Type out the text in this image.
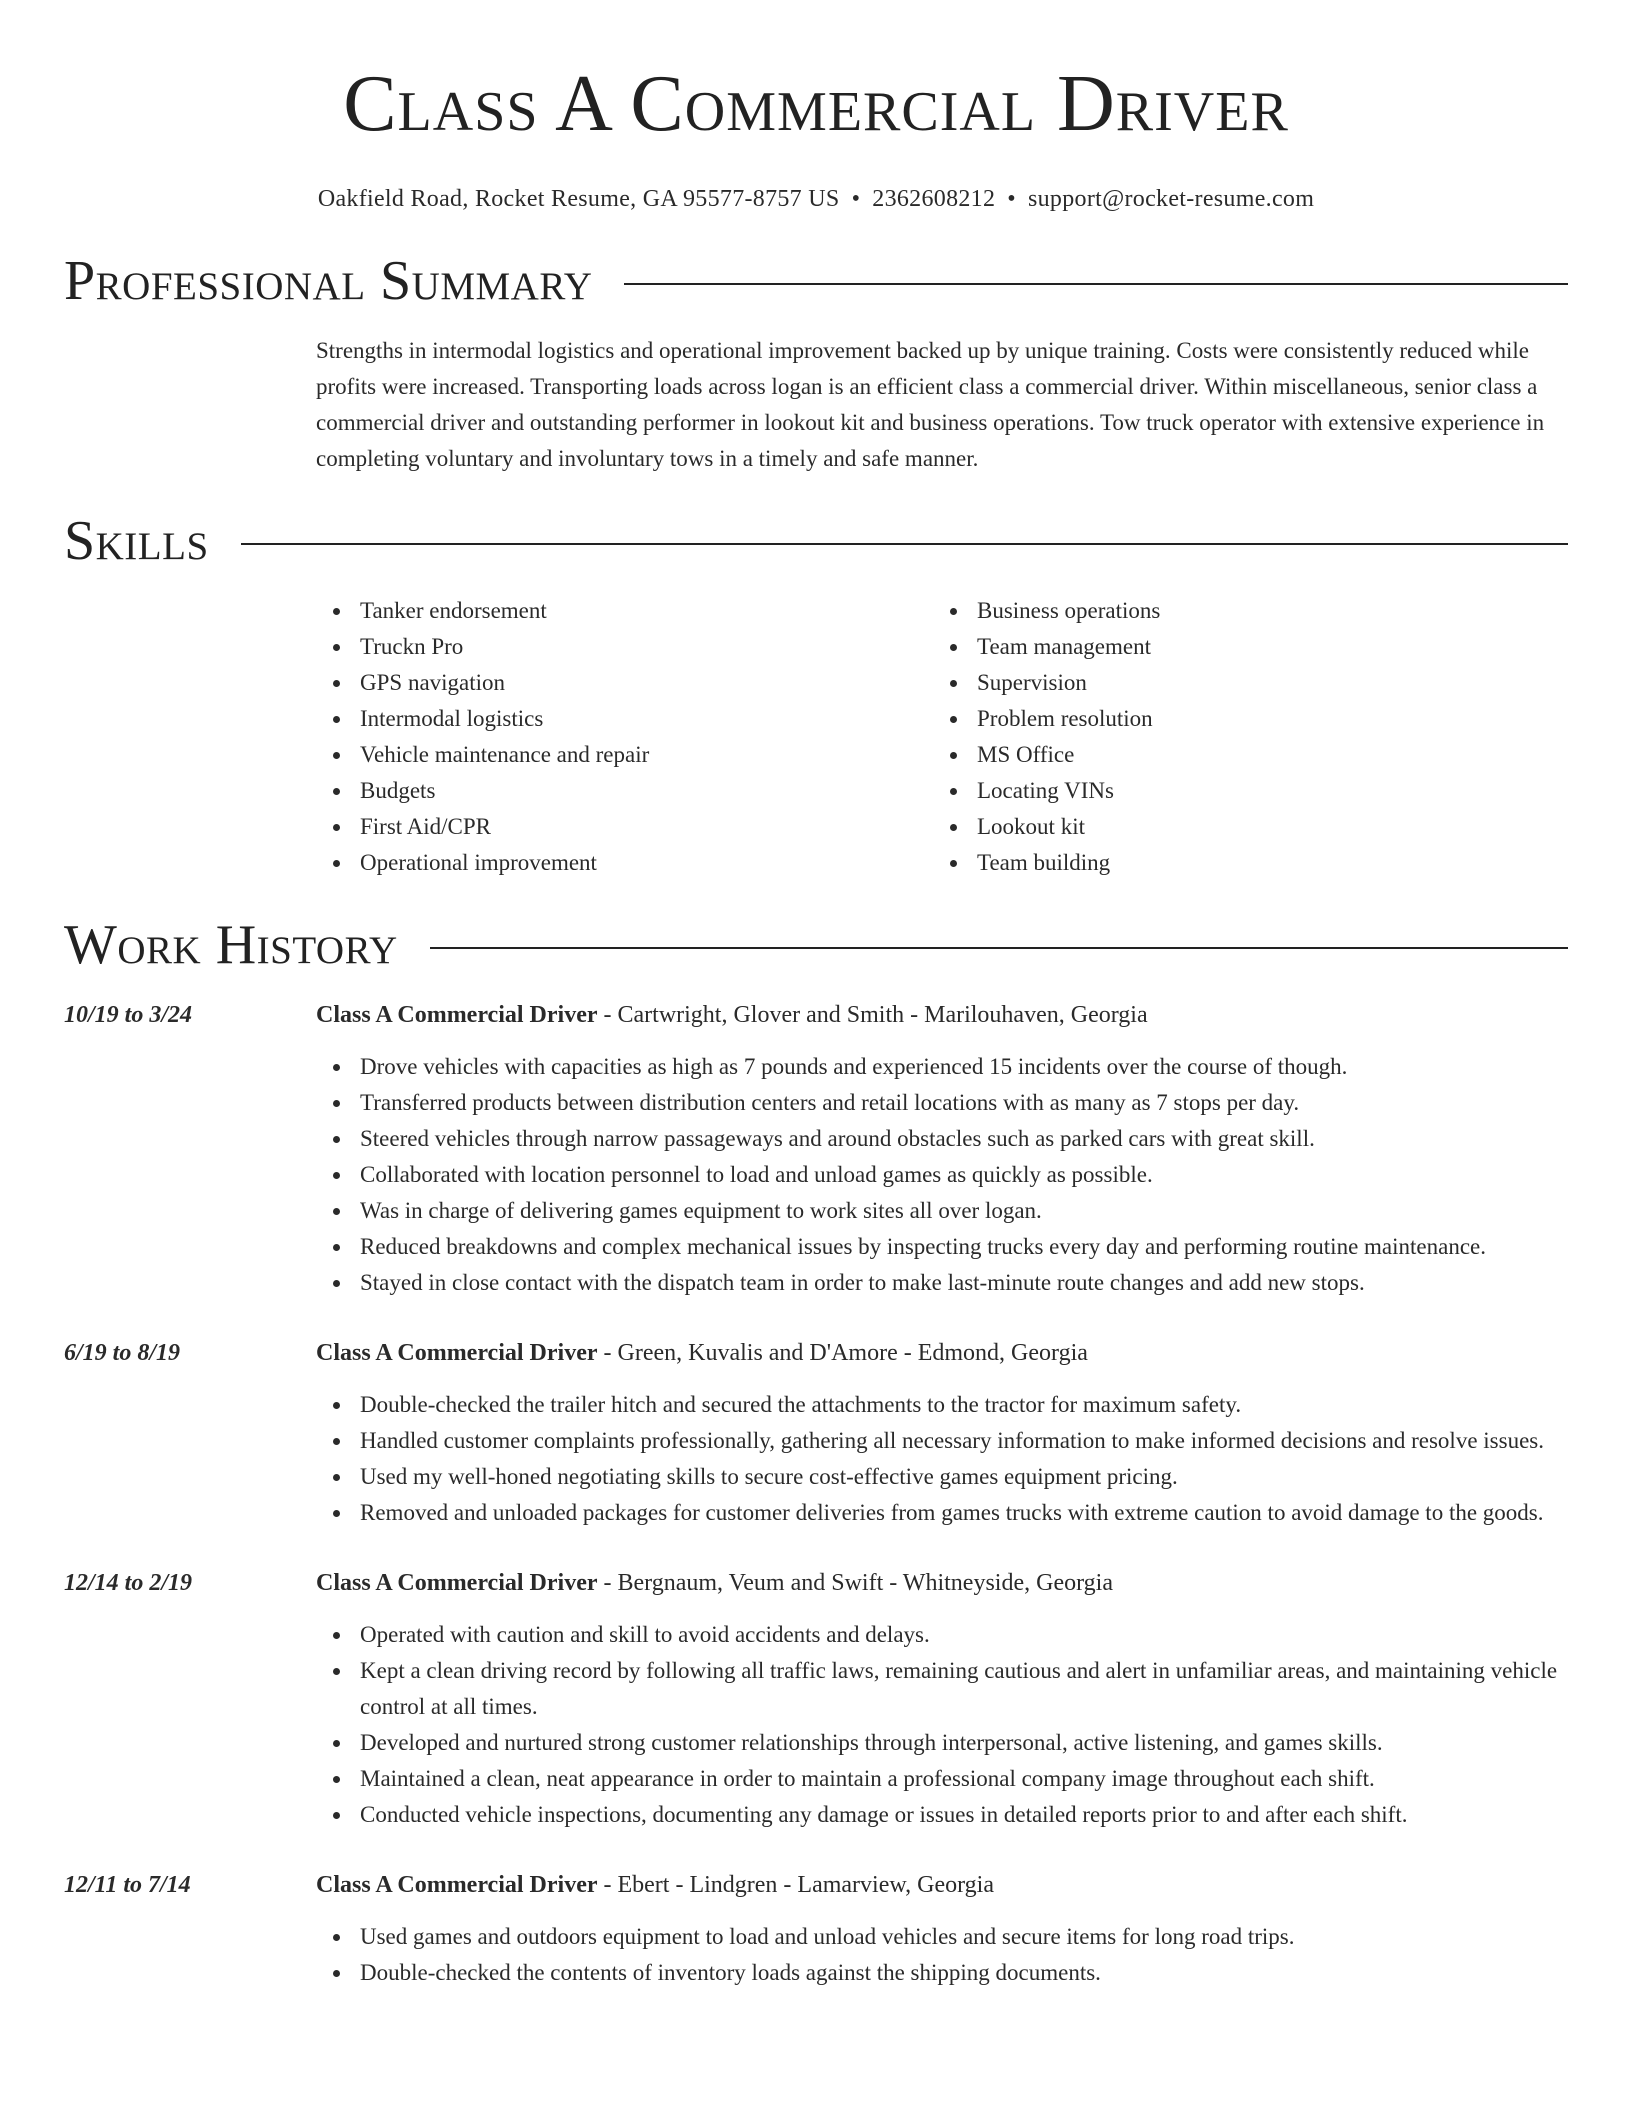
Class A Commercial Driver
Oakfield Road, Rocket Resume, GA 95577-8757 US • 2362608212 • support@rocket-resume.com
Professional Summary
Strengths in intermodal logistics and operational improvement backed up by unique training. Costs were consistently reduced while profits were increased. Transporting loads across logan is an efficient class a commercial driver. Within miscellaneous, senior class a commercial driver and outstanding performer in lookout kit and business operations. Tow truck operator with extensive experience in completing voluntary and involuntary tows in a timely and safe manner.
Skills
Tanker endorsement
Truckn Pro
GPS navigation
Intermodal logistics
Vehicle maintenance and repair
Budgets
First Aid/CPR
Operational improvement
Business operations
Team management
Supervision
Problem resolution
MS Office
Locating VINs
Lookout kit
Team building
Work History
10/19 to 3/24	Class A Commercial Driver - Cartwright, Glover and Smith - Marilouhaven, Georgia
Drove vehicles with capacities as high as 7 pounds and experienced 15 incidents over the course of though.
Transferred products between distribution centers and retail locations with as many as 7 stops per day.
Steered vehicles through narrow passageways and around obstacles such as parked cars with great skill.
Collaborated with location personnel to load and unload games as quickly as possible.
Was in charge of delivering games equipment to work sites all over logan.
Reduced breakdowns and complex mechanical issues by inspecting trucks every day and performing routine maintenance.
Stayed in close contact with the dispatch team in order to make last-minute route changes and add new stops.
6/19 to 8/19	Class A Commercial Driver - Green, Kuvalis and D'Amore - Edmond, Georgia
Double-checked the trailer hitch and secured the attachments to the tractor for maximum safety.
Handled customer complaints professionally, gathering all necessary information to make informed decisions and resolve issues.
Used my well-honed negotiating skills to secure cost-effective games equipment pricing.
Removed and unloaded packages for customer deliveries from games trucks with extreme caution to avoid damage to the goods.
12/14 to 2/19	Class A Commercial Driver - Bergnaum, Veum and Swift - Whitneyside, Georgia
Operated with caution and skill to avoid accidents and delays.
Kept a clean driving record by following all traffic laws, remaining cautious and alert in unfamiliar areas, and maintaining vehicle control at all times.
Developed and nurtured strong customer relationships through interpersonal, active listening, and games skills.
Maintained a clean, neat appearance in order to maintain a professional company image throughout each shift.
Conducted vehicle inspections, documenting any damage or issues in detailed reports prior to and after each shift.
12/11 to 7/14	Class A Commercial Driver - Ebert - Lindgren - Lamarview, Georgia
Used games and outdoors equipment to load and unload vehicles and secure items for long road trips.
Double-checked the contents of inventory loads against the shipping documents.
